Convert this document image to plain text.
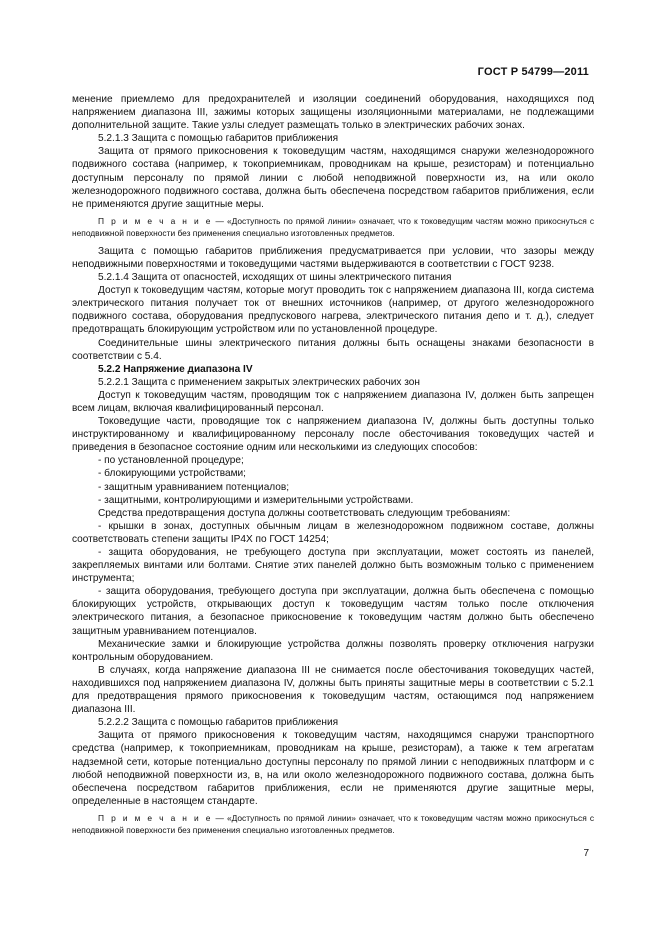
ГОСТ Р 54799—2011

менение приемлемо для предохранителей и изоляции соединений оборудования, находящихся под напряжением диапазона III, зажимы которых защищены изоляционными материалами, не подлежащими дополнительной защите. Такие узлы следует размещать только в электрических рабочих зонах.

5.2.1.3 Защита с помощью габаритов приближения

Защита от прямого прикосновения к токоведущим частям, находящимся снаружи железнодорожного подвижного состава (например, к токоприемникам, проводникам на крыше, резисторам) и потенциально доступным персоналу по прямой линии с любой неподвижной поверхности из, на или около железнодорожного подвижного состава, должна быть обеспечена посредством габаритов приближения, если не применяются другие защитные меры.

П р и м е ч а н и е — «Доступность по прямой линии» означает, что к токоведущим частям можно прикоснуться с неподвижной поверхности без применения специально изготовленных предметов.

Защита с помощью габаритов приближения предусматривается при условии, что зазоры между неподвижными поверхностями и токоведущими частями выдерживаются в соответствии с ГОСТ 9238.

5.2.1.4 Защита от опасностей, исходящих от шины электрического питания

Доступ к токоведущим частям, которые могут проводить ток с напряжением диапазона III, когда система электрического питания получает ток от внешних источников (например, от другого железнодорожного подвижного состава, оборудования предпускового нагрева, электрического питания депо и т. д.), следует предотвращать блокирующим устройством или по установленной процедуре.

Соединительные шины электрического питания должны быть оснащены знаками безопасности в соответствии с 5.4.

5.2.2 Напряжение диапазона IV

5.2.2.1 Защита с применением закрытых электрических рабочих зон

Доступ к токоведущим частям, проводящим ток с напряжением диапазона IV, должен быть запрещен всем лицам, включая квалифицированный персонал.

Токоведущие части, проводящие ток с напряжением диапазона IV, должны быть доступны только инструктированному и квалифицированному персоналу после обесточивания токоведущих частей и приведения в безопасное состояние одним или несколькими из следующих способов:

- по установленной процедуре;

- блокирующими устройствами;

- защитным уравниванием потенциалов;

- защитными, контролирующими и измерительными устройствами.

Средства предотвращения доступа должны соответствовать следующим требованиям:

- крышки в зонах, доступных обычным лицам в железнодорожном подвижном составе, должны соответствовать степени защиты IP4X по ГОСТ 14254;

- защита оборудования, не требующего доступа при эксплуатации, может состоять из панелей, закрепляемых винтами или болтами. Снятие этих панелей должно быть возможным только с применением инструмента;

- защита оборудования, требующего доступа при эксплуатации, должна быть обеспечена с помощью блокирующих устройств, открывающих доступ к токоведущим частям только после отключения электрического питания, а безопасное прикосновение к токоведущим частям должно быть обеспечено защитным уравниванием потенциалов.

Механические замки и блокирующие устройства должны позволять проверку отключения нагрузки контрольным оборудованием.

В случаях, когда напряжение диапазона III не снимается после обесточивания токоведущих частей, находившихся под напряжением диапазона IV, должны быть приняты защитные меры в соответствии с 5.2.1 для предотвращения прямого прикосновения к токоведущим частям, остающимся под напряжением диапазона III.

5.2.2.2 Защита с помощью габаритов приближения

Защита от прямого прикосновения к токоведущим частям, находящимся снаружи транспортного средства (например, к токоприемникам, проводникам на крыше, резисторам), а также к тем агрегатам надземной сети, которые потенциально доступны персоналу по прямой линии с неподвижных платформ и с любой неподвижной поверхности из, в, на или около железнодорожного подвижного состава, должна быть обеспечена посредством габаритов приближения, если не применяются другие защитные меры, определенные в настоящем стандарте.

П р и м е ч а н и е — «Доступность по прямой линии» означает, что к токоведущим частям можно прикоснуться с неподвижной поверхности без применения специально изготовленных предметов.

7
